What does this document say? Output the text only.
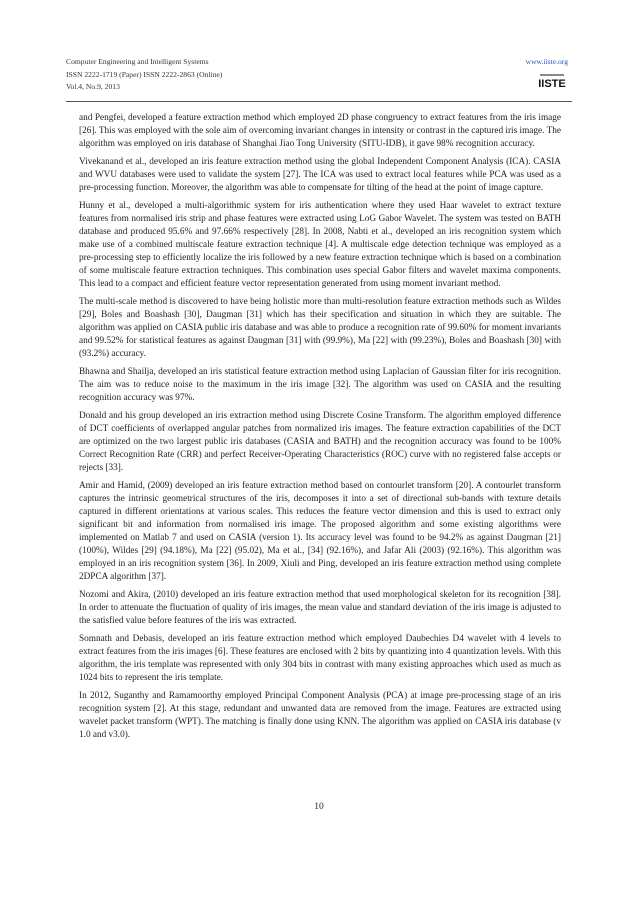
Computer Engineering and Intelligent Systems
ISSN 2222-1719 (Paper) ISSN 2222-2863 (Online)
Vol.4, No.9, 2013
www.iiste.org
IISTE

and Pengfei, developed a feature extraction method which employed 2D phase congruency to extract features from the iris image [26]. This was employed with the sole aim of overcoming invariant changes in intensity or contrast in the captured iris image. The algorithm was employed on iris database of Shanghai Jiao Tong University (SITU-IDB), it gave 98% recognition accuracy.

Vivekanand et al., developed an iris feature extraction method using the global Independent Component Analysis (ICA). CASIA and WVU databases were used to validate the system [27]. The ICA was used to extract local features while PCA was used as a pre-processing function. Moreover, the algorithm was able to compensate for tilting of the head at the point of image capture.

Hunny et al., developed a multi-algorithmic system for iris authentication where they used Haar wavelet to extract texture features from normalised iris strip and phase features were extracted using LoG Gabor Wavelet. The system was tested on BATH database and produced 95.6% and 97.66% respectively [28]. In 2008, Nabti et al., developed an iris recognition system which make use of a combined multiscale feature extraction technique [4]. A multiscale edge detection technique was employed as a pre-processing step to efficiently localize the iris followed by a new feature extraction technique which is based on a combination of some multiscale feature extraction techniques. This combination uses special Gabor filters and wavelet maxima components. This lead to a compact and efficient feature vector representation generated from using moment invariant method.

The multi-scale method is discovered to have being holistic more than multi-resolution feature extraction methods such as Wildes [29], Boles and Boashash [30], Daugman [31] which has their specification and situation in which they are suitable. The algorithm was applied on CASIA public iris database and was able to produce a recognition rate of 99.60% for moment invariants and 99.52% for statistical features as against Daugman [31] with (99.9%), Ma [22] with (99.23%), Boles and Boashash [30] with (93.2%) accuracy.

Bhawna and Shailja, developed an iris statistical feature extraction method using Laplacian of Gaussian filter for iris recognition. The aim was to reduce noise to the maximum in the iris image [32]. The algorithm was used on CASIA and the resulting recognition accuracy was 97%.

Donald and his group developed an iris extraction method using Discrete Cosine Transform. The algorithm employed difference of DCT coefficients of overlapped angular patches from normalized iris images. The feature extraction capabilities of the DCT are optimized on the two largest public iris databases (CASIA and BATH) and the recognition accuracy was found to be 100% Correct Recognition Rate (CRR) and perfect Receiver-Operating Characteristics (ROC) curve with no registered false accepts or rejects [33].

Amir and Hamid, (2009) developed an iris feature extraction method based on contourlet transform [20]. A contourlet transform captures the intrinsic geometrical structures of the iris, decomposes it into a set of directional sub-bands with texture details captured in different orientations at various scales. This reduces the feature vector dimension and this is used to extract only significant bit and information from normalised iris image. The proposed algorithm and some existing algorithms were implemented on Matlab 7 and used on CASIA (version 1). Its accuracy level was found to be 94.2% as against Daugman [21] (100%), Wildes [29] (94.18%), Ma [22] (95.02), Ma et al., [34] (92.16%), and Jafar Ali (2003) (92.16%). This algorithm was employed in an iris recognition system [36]. In 2009, Xiuli and Ping, developed an iris feature extraction method using complete 2DPCA algorithm [37].

Nozomi and Akira, (2010) developed an iris feature extraction method that used morphological skeleton for its recognition [38]. In order to attenuate the fluctuation of quality of iris images, the mean value and standard deviation of the iris image is adjusted to the satisfied value before features of the iris was extracted.

Somnath and Debasis, developed an iris feature extraction method which employed Daubechies D4 wavelet with 4 levels to extract features from the iris images [6]. These features are enclosed with 2 bits by quantizing into 4 quantization levels. With this algorithm, the iris template was represented with only 304 bits in contrast with many existing approaches which used as much as 1024 bits to represent the iris template.

In 2012, Suganthy and Ramamoorthy employed Principal Component Analysis (PCA) at image pre-processing stage of an iris recognition system [2]. At this stage, redundant and unwanted data are removed from the image. Features are extracted using wavelet packet transform (WPT). The matching is finally done using KNN. The algorithm was applied on CASIA iris database (v 1.0 and v3.0).

10
